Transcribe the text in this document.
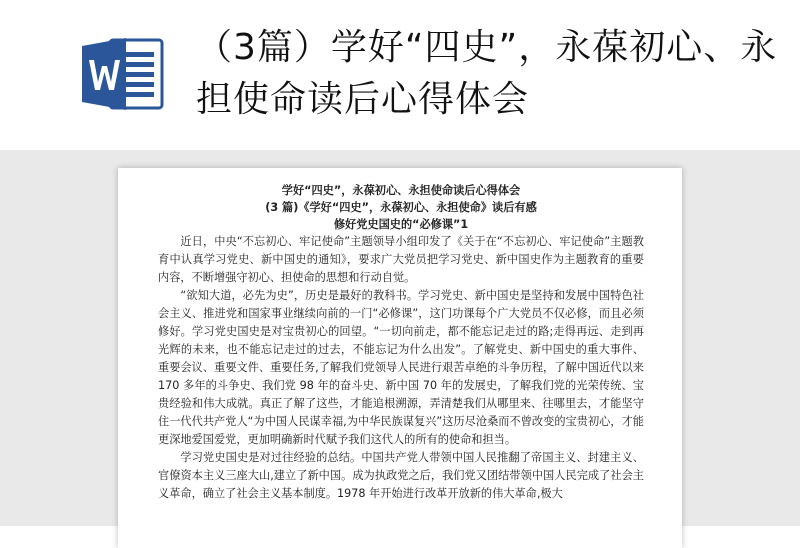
（3篇）学好“四史”，永葆初心、永担使命读后心得体会

学好“四史”，永葆初心、永担使命读后心得体会

(3 篇)《学好“四史”，永葆初心、永担使命》读后有感

修好党史国史的“必修课”1

近日，中央“不忘初心、牢记使命”主题领导小组印发了《关于在“不忘初心、牢记使命”主题教育中认真学习党史、新中国史的通知》，要求广大党员把学习党史、新中国史作为主题教育的重要内容，不断增强守初心、担使命的思想和行动自觉。

“欲知大道，必先为史”，历史是最好的教科书。学习党史、新中国史是坚持和发展中国特色社会主义、推进党和国家事业继续向前的一门“必修课”，这门功课每个广大党员不仅必修，而且必须修好。学习党史国史是对宝贵初心的回望。“一切向前走，都不能忘记走过的路;走得再远、走到再光辉的未来，也不能忘记走过的过去，不能忘记为什么出发”。了解党史、新中国史的重大事件、重要会议、重要文件、重要任务,了解我们党领导人民进行艰苦卓绝的斗争历程，了解中国近代以来 170 多年的斗争史、我们党 98 年的奋斗史、新中国 70 年的发展史，了解我们党的光荣传统、宝贵经验和伟大成就。真正了解了这些，才能追根溯源，弄清楚我们从哪里来、往哪里去，才能坚守住一代代共产党人“为中国人民谋幸福,为中华民族谋复兴”这历尽沧桑而不曾改变的宝贵初心，才能更深地爱国爱党，更加明确新时代赋予我们这代人的所有的使命和担当。

学习党史国史是对过往经验的总结。中国共产党人带领中国人民推翻了帝国主义、封建主义、官僚资本主义三座大山,建立了新中国。成为执政党之后，我们党又团结带领中国人民完成了社会主义革命，确立了社会主义基本制度。1978 年开始进行改革开放新的伟大革命,极大
